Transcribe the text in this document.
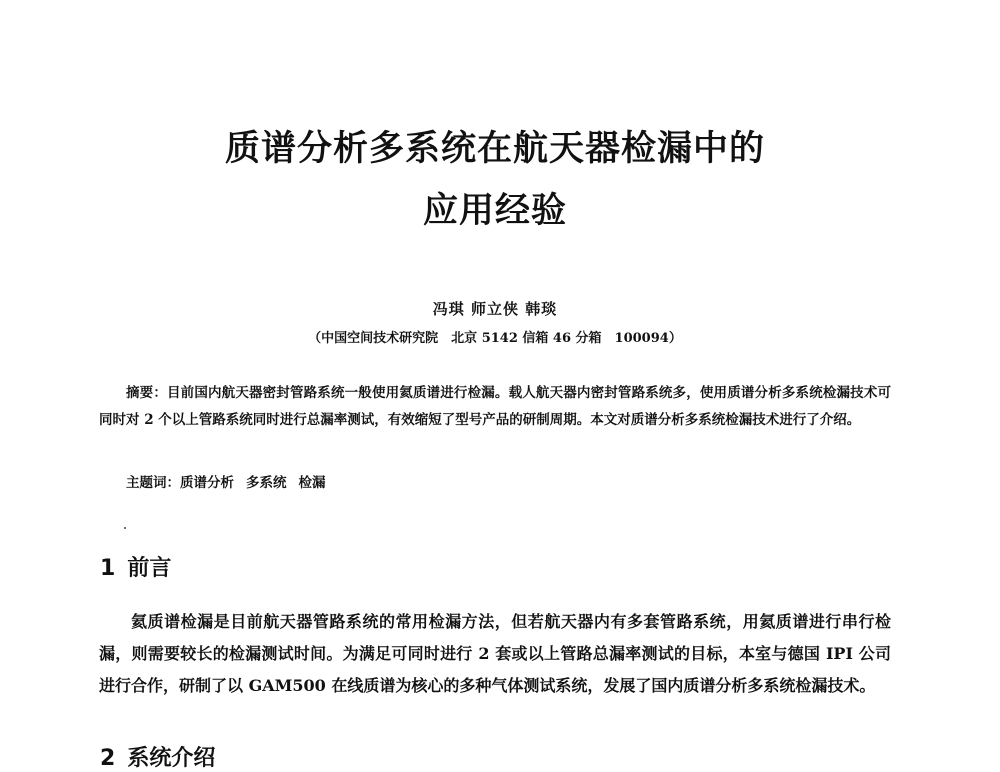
质谱分析多系统在航天器检漏中的
应用经验
冯琪 师立侠 韩琰
（中国空间技术研究院　北京 5142 信箱 46 分箱　100094）
摘要：目前国内航天器密封管路系统一般使用氦质谱进行检漏。载人航天器内密封管路系统多，使用质谱分析多系统检漏技术可同时对 2 个以上管路系统同时进行总漏率测试，有效缩短了型号产品的研制周期。本文对质谱分析多系统检漏技术进行了介绍。
主题词：质谱分析 多系统 检漏
1 前言
氦质谱检漏是目前航天器管路系统的常用检漏方法，但若航天器内有多套管路系统，用氦质谱进行串行检漏，则需要较长的检漏测试时间。为满足可同时进行 2 套或以上管路总漏率测试的目标，本室与德国 IPI 公司进行合作，研制了以 GAM500 在线质谱为核心的多种气体测试系统，发展了国内质谱分析多系统检漏技术。
2 系统介绍
